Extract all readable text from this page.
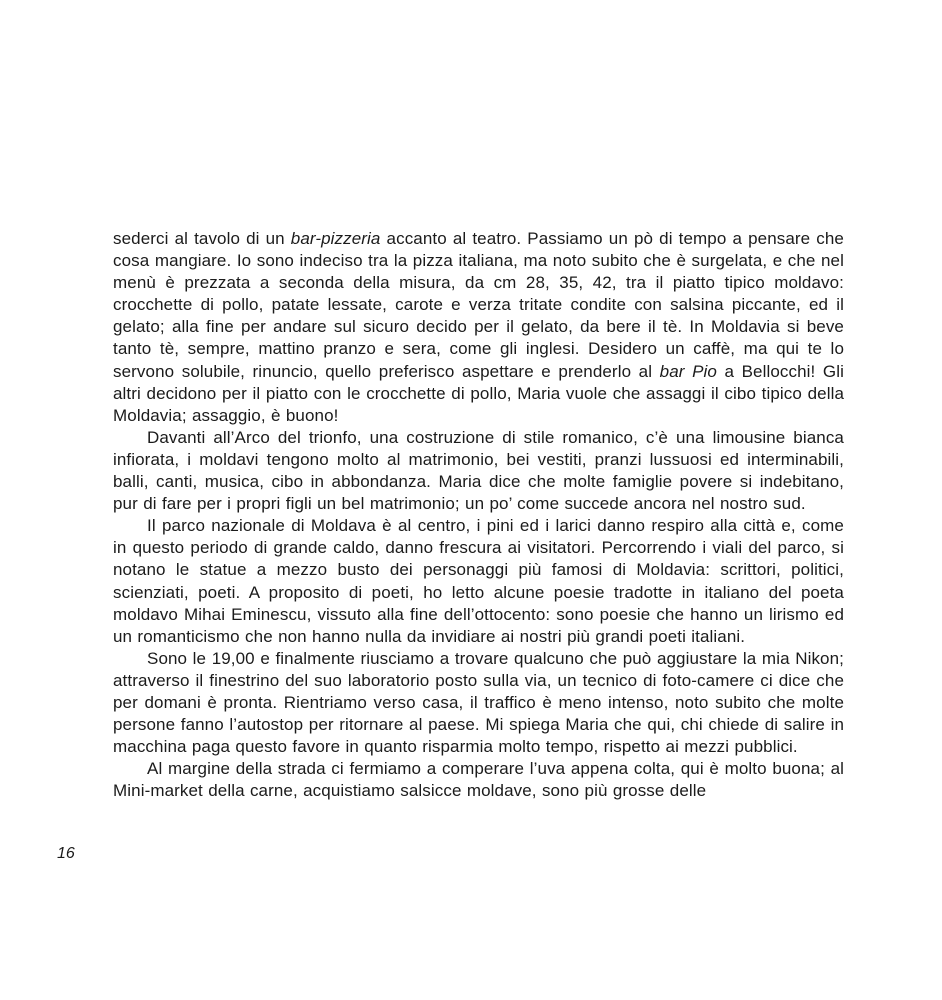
sederci al tavolo di un bar-pizzeria accanto al teatro. Passiamo un pò di tempo a pensare che cosa mangiare. Io sono indeciso tra la pizza italiana, ma noto subito che è surgelata, e che nel menù è prezzata a seconda della misura, da cm 28, 35, 42, tra il piatto tipico moldavo: crocchette di pollo, patate lessate, carote e verza tritate condite con salsina piccante, ed il gelato; alla fine per andare sul sicuro decido per il gelato, da bere il tè. In Moldavia si beve tanto tè, sempre, mattino pranzo e sera, come gli inglesi. Desidero un caffè, ma qui te lo servono solubile, rinuncio, quello preferisco aspettare e prenderlo al bar Pio a Bellocchi! Gli altri decidono per il piatto con le crocchette di pollo, Maria vuole che assaggi il cibo tipico della Moldavia; assaggio, è buono!

Davanti all’Arco del trionfo, una costruzione di stile romanico, c’è una limousine bianca infiorata, i moldavi tengono molto al matrimonio, bei vestiti, pranzi lussuosi ed interminabili, balli, canti, musica, cibo in abbondanza. Maria dice che molte famiglie povere si indebitano, pur di fare per i propri figli un bel matrimonio; un po’ come succede ancora nel nostro sud.

Il parco nazionale di Moldava è al centro, i pini ed i larici danno respiro alla città e, come in questo periodo di grande caldo, danno frescura ai visitatori. Percorrendo i viali del parco, si notano le statue a mezzo busto dei personaggi più famosi di Moldavia: scrittori, politici, scienziati, poeti. A proposito di poeti, ho letto alcune poesie tradotte in italiano del poeta moldavo Mihai Eminescu, vissuto alla fine dell’ottocento: sono poesie che hanno un lirismo ed un romanticismo che non hanno nulla da invidiare ai nostri più grandi poeti italiani.

Sono le 19,00 e finalmente riusciamo a trovare qualcuno che può aggiustare la mia Nikon; attraverso il finestrino del suo laboratorio posto sulla via, un tecnico di foto-camere ci dice che per domani è pronta. Rientriamo verso casa, il traffico è meno intenso, noto subito che molte persone fanno l’autostop per ritornare al paese. Mi spiega Maria che qui, chi chiede di salire in macchina paga questo favore in quanto risparmia molto tempo, rispetto ai mezzi pubblici.

Al margine della strada ci fermiamo a comperare l’uva appena colta, qui è molto buona; al Mini-market della carne, acquistiamo salsicce moldave, sono più grosse delle

16
